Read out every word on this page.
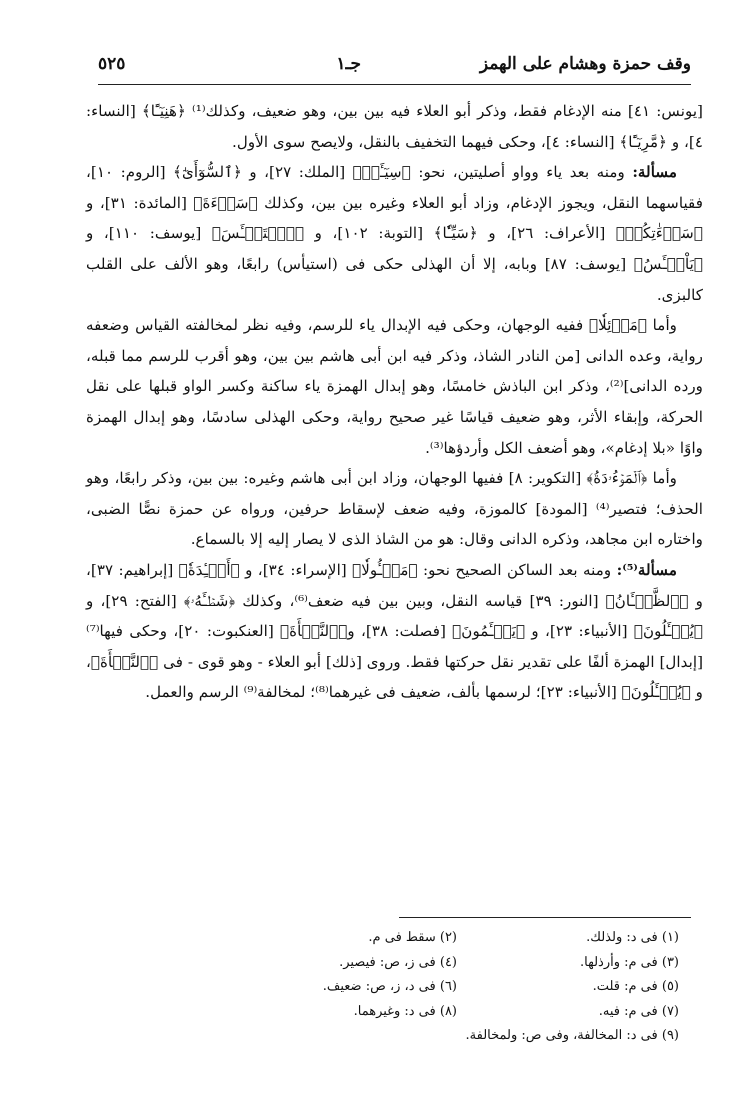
وقف حمزة وهشام على الهمز
جـ١
٥٢٥

[يونس: ٤١] منه الإدغام فقط، وذكر أبو العلاء فيه بين بين، وهو ضعيف، وكذلك⁽¹⁾ ﴿هَنِيٓـًٔا﴾ [النساء: ٤]، و ﴿مَّرِيٓـًٔا﴾ [النساء: ٤]، وحكى فيهما التخفيف بالنقل، ولايصح سوى الأول.

مسألة: ومنه بعد ياء وواو أصليتين، نحو: ﴿سِيٓـَٔتۡ﴾ [الملك: ٢٧]، و ﴿ٱلسُّوٓأَىٰٓ﴾ [الروم: ١٠]، فقياسهما النقل، ويجوز الإدغام، وزاد أبو العلاء وغيره بين بين، وكذلك ﴿سَوۡءَةَ﴾ [المائدة: ٣١]، و ﴿سَوۡءَٰتِكُمۡ﴾ [الأعراف: ٢٦]، و ﴿سَيِّـٔٗا﴾ [التوبة: ١٠٢]، و ﴿ٱسۡتَيۡـَٔسَ﴾ [يوسف: ١١٠]، و ﴿يَاْيۡـَٔسُ﴾ [يوسف: ٨٧] وبابه، إلا أن الهذلى حكى فى (استيأس) رابعًا، وهو الألف على القلب كالبزى.

وأما ﴿مَوۡئِلٗا﴾ ففيه الوجهان، وحكى فيه الإبدال ياء للرسم، وفيه نظر لمخالفته القياس وضعفه رواية، وعده الدانى [من النادر الشاذ، وذكر فيه ابن أبى هاشم بين بين، وهو أقرب للرسم مما قبله، ورده الدانى]⁽²⁾، وذكر ابن الباذش خامسًا، وهو إبدال الهمزة ياء ساكنة وكسر الواو قبلها على نقل الحركة، وإبقاء الأثر، وهو ضعيف قياسًا غير صحيح رواية، وحكى الهذلى سادسًا، وهو إبدال الهمزة واوًا «بلا إدغام»، وهو أضعف الكل وأردؤها⁽³⁾.

وأما ﴿ٱلۡمَوۡءُۥدَةُ﴾ [التكوير: ٨] ففيها الوجهان، وزاد ابن أبى هاشم وغيره: بين بين، وذكر رابعًا، وهو الحذف؛ فتصير⁽⁴⁾ [المودة] كالموزة، وفيه ضعف لإسقاط حرفين، ورواه عن حمزة نصًّا الضبى، واختاره ابن مجاهد، وذكره الدانى وقال: هو من الشاذ الذى لا يصار إليه إلا بالسماع.

مسألة⁽⁵⁾: ومنه بعد الساكن الصحيح نحو: ﴿مَسۡـُٔولٗا﴾ [الإسراء: ٣٤]، و ﴿أَفۡـِٔدَةٗ﴾ [إبراهيم: ٣٧]، و ﴿ٱلظَّمۡـَٔانُ﴾ [النور: ٣٩] قياسه النقل، وبين بين فيه ضعف⁽⁶⁾، وكذلك ﴿شَطۡـَٔهُۥ﴾ [الفتح: ٢٩]، و ﴿يُسۡـَٔلُونَ﴾ [الأنبياء: ٢٣]، و ﴿يَسۡـَٔمُونَ﴾ [فصلت: ٣٨]، و﴿ٱلنَّشۡأَةَ﴾ [العنكبوت: ٢٠]، وحكى فيها⁽⁷⁾ [إبدال] الهمزة ألفًا على تقدير نقل حركتها فقط. وروى [ذلك] أبو العلاء - وهو قوى - فى ﴿ٱلنَّشۡأَةَ﴾، و ﴿يُسۡـَٔلُونَ﴾ [الأنبياء: ٢٣]؛ لرسمها بألف، ضعيف فى غيرهما⁽⁸⁾؛ لمخالفة⁽⁹⁾ الرسم والعمل.

(١) فى د: ولذلك.
(٢) سقط فى م.
(٣) فى م: وأرذلها.
(٤) فى ز، ص: فيصير.
(٥) فى م: قلت.
(٦) فى د، ز، ص: ضعيف.
(٧) فى م: فيه.
(٨) فى د: وغيرهما.
(٩) فى د: المخالفة، وفى ص: ولمخالفة.
